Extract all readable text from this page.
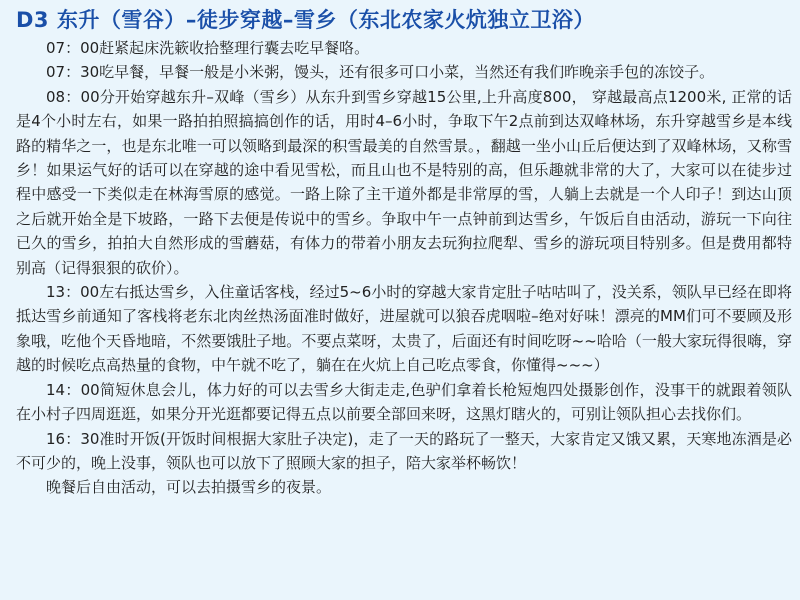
D3 东升（雪谷）–徒步穿越–雪乡（东北农家火炕独立卫浴）

07：00赶紧起床洗簌收拾整理行囊去吃早餐咯。

07：30吃早餐，早餐一般是小米粥，馒头，还有很多可口小菜，当然还有我们昨晚亲手包的冻饺子。

08：00分开始穿越东升–双峰（雪乡）从东升到雪乡穿越15公里,上升高度800， 穿越最高点1200米, 正常的话是4个小时左右，如果一路拍拍照搞搞创作的话，用时4–6小时，争取下午2点前到达双峰林场，东升穿越雪乡是本线路的精华之一，也是东北唯一可以领略到最深的积雪最美的自然雪景。，翻越一坐小山丘后便达到了双峰林场，又称雪乡！如果运气好的话可以在穿越的途中看见雪松，而且山也不是特别的高，但乐趣就非常的大了，大家可以在徒步过程中感受一下类似走在林海雪原的感觉。一路上除了主干道外都是非常厚的雪，人躺上去就是一个人印子！到达山顶之后就开始全是下坡路，一路下去便是传说中的雪乡。争取中午一点钟前到达雪乡，午饭后自由活动，游玩一下向往已久的雪乡，拍拍大自然形成的雪蘑菇，有体力的带着小朋友去玩狗拉爬犁、雪乡的游玩项目特别多。但是费用都特别高（记得狠狠的砍价）。

13：00左右抵达雪乡，入住童话客栈，经过5~6小时的穿越大家肯定肚子咕咕叫了，没关系，领队早已经在即将抵达雪乡前通知了客栈将老东北肉丝热汤面准时做好，进屋就可以狼吞虎咽啦–绝对好味！漂亮的MM们可不要顾及形象哦，吃他个天昏地暗，不然要饿肚子地。不要点菜呀，太贵了，后面还有时间吃呀~~哈哈（一般大家玩得很嗨，穿越的时候吃点高热量的食物，中午就不吃了，躺在在火炕上自己吃点零食，你懂得~~~）

14：00简短休息会儿，体力好的可以去雪乡大街走走,色驴们拿着长枪短炮四处摄影创作，没事干的就跟着领队在小村子四周逛逛，如果分开光逛都要记得五点以前要全部回来呀，这黑灯瞎火的，可别让领队担心去找你们。

16：30准时开饭(开饭时间根据大家肚子决定)，走了一天的路玩了一整天，大家肯定又饿又累，天寒地冻酒是必不可少的，晚上没事，领队也可以放下了照顾大家的担子，陪大家举杯畅饮！

晚餐后自由活动，可以去拍摄雪乡的夜景。
